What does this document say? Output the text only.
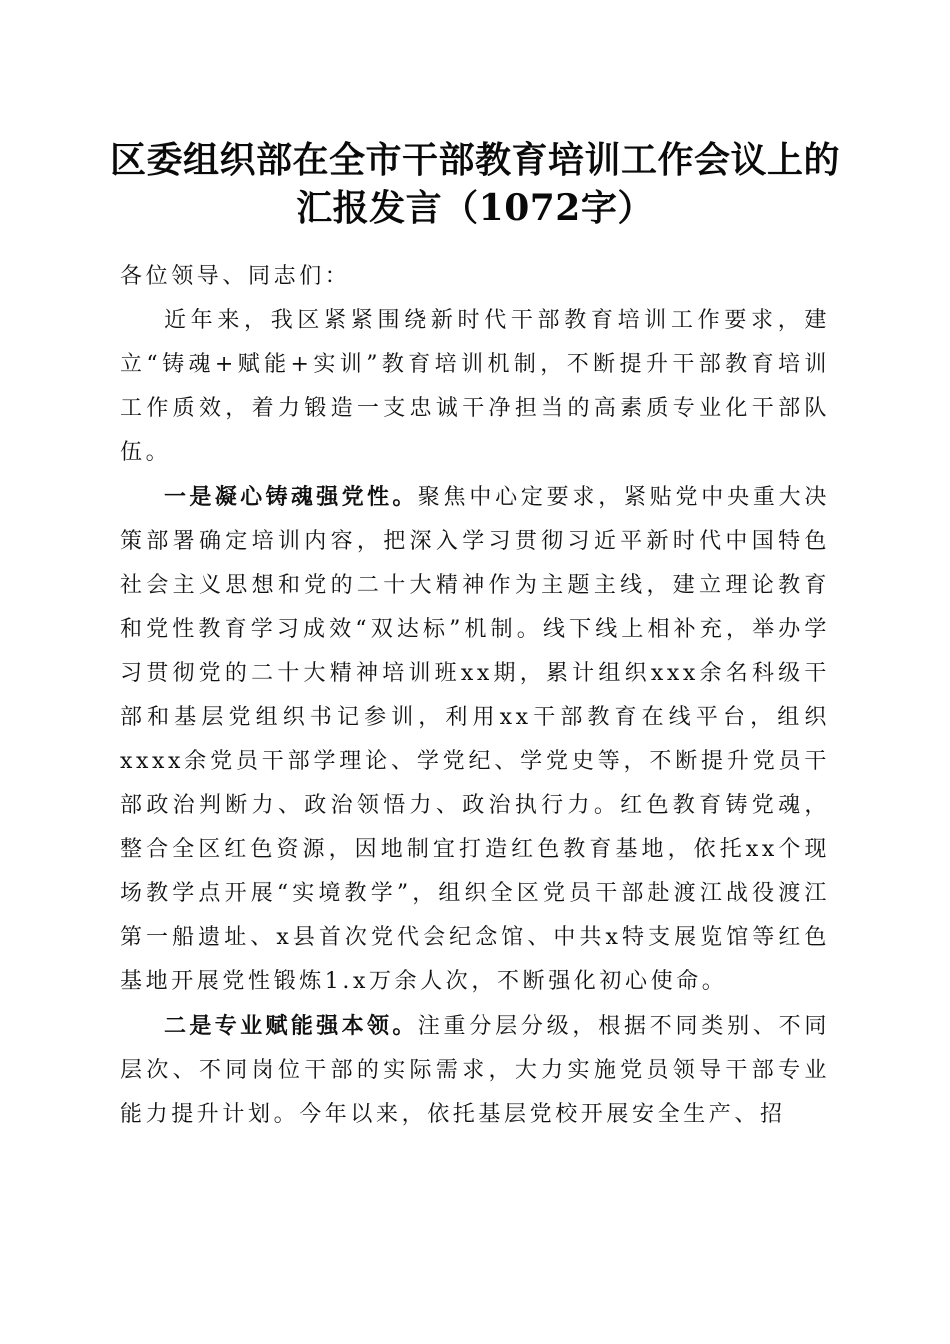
区委组织部在全市干部教育培训工作会议上的
汇报发言（1072字）

各位领导、同志们：

近年来，我区紧紧围绕新时代干部教育培训工作要求，建立“铸魂+赋能+实训”教育培训机制，不断提升干部教育培训工作质效，着力锻造一支忠诚干净担当的高素质专业化干部队伍。

一是凝心铸魂强党性。聚焦中心定要求，紧贴党中央重大决策部署确定培训内容，把深入学习贯彻习近平新时代中国特色社会主义思想和党的二十大精神作为主题主线，建立理论教育和党性教育学习成效“双达标”机制。线下线上相补充，举办学习贯彻党的二十大精神培训班xx期，累计组织xxx余名科级干部和基层党组织书记参训，利用xx干部教育在线平台，组织xxxx余党员干部学理论、学党纪、学党史等，不断提升党员干部政治判断力、政治领悟力、政治执行力。红色教育铸党魂，整合全区红色资源，因地制宜打造红色教育基地，依托xx个现场教学点开展“实境教学”，组织全区党员干部赴渡江战役渡江第一船遗址、x县首次党代会纪念馆、中共x特支展览馆等红色基地开展党性锻炼1.x万余人次，不断强化初心使命。

二是专业赋能强本领。注重分层分级，根据不同类别、不同层次、不同岗位干部的实际需求，大力实施党员领导干部专业能力提升计划。今年以来，依托基层党校开展安全生产、招
